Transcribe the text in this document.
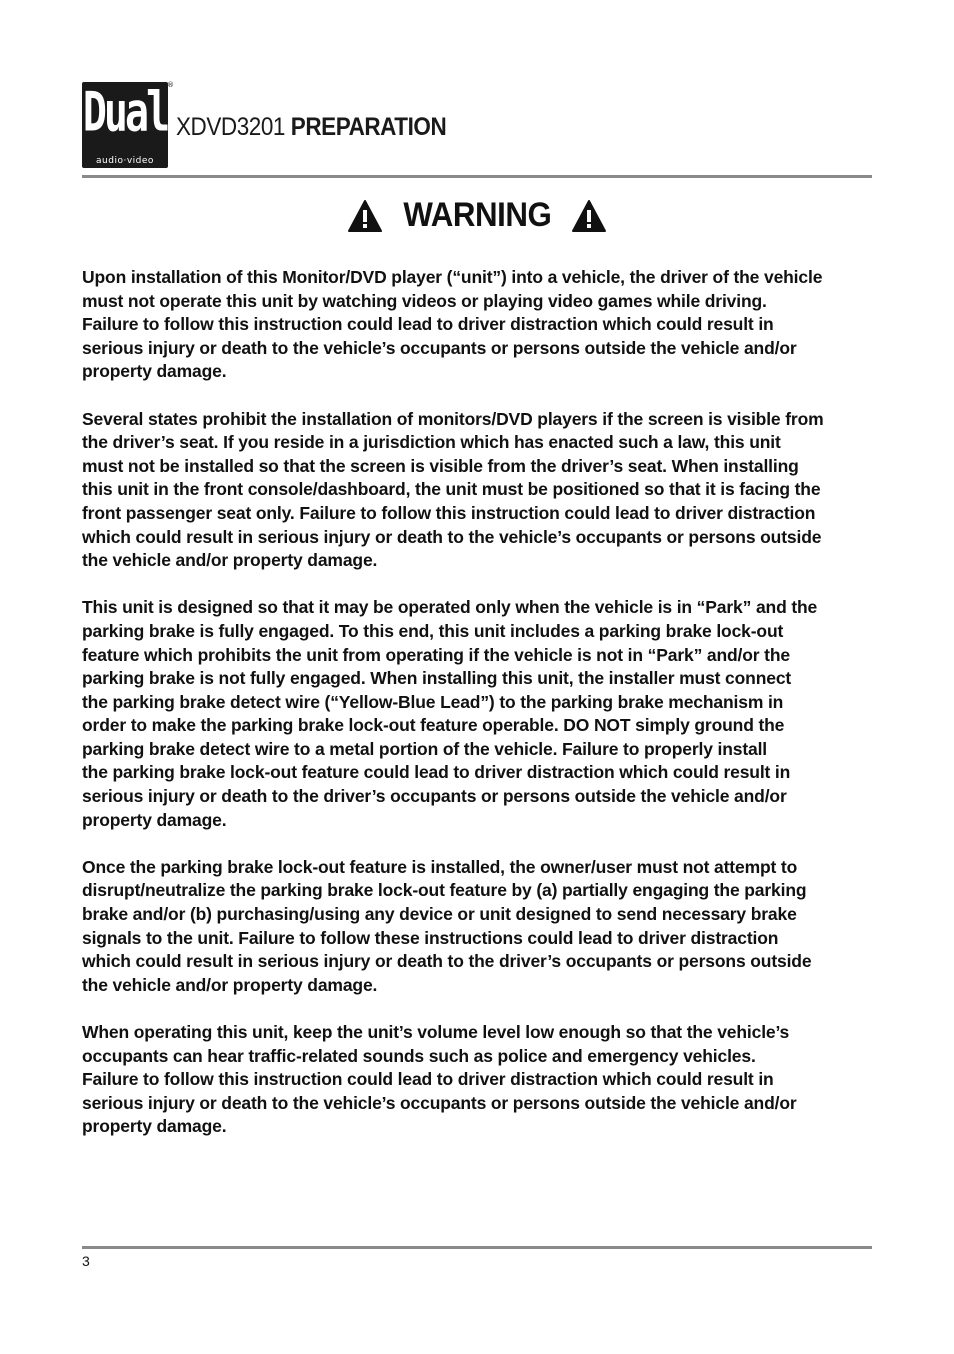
Dual
audio·video
®
XDVD3201 PREPARATION
WARNING
Upon installation of this Monitor/DVD player (“unit”) into a vehicle, the driver of the vehicle
must not operate this unit by watching videos or playing video games while driving.
Failure to follow this instruction could lead to driver distraction which could result in
serious injury or death to the vehicle’s occupants or persons outside the vehicle and/or
property damage.
Several states prohibit the installation of monitors/DVD players if the screen is visible from
the driver’s seat. If you reside in a jurisdiction which has enacted such a law, this unit
must not be installed so that the screen is visible from the driver’s seat. When installing
this unit in the front console/dashboard, the unit must be positioned so that it is facing the
front passenger seat only. Failure to follow this instruction could lead to driver distraction
which could result in serious injury or death to the vehicle’s occupants or persons outside
the vehicle and/or property damage.
This unit is designed so that it may be operated only when the vehicle is in “Park” and the
parking brake is fully engaged. To this end, this unit includes a parking brake lock-out
feature which prohibits the unit from operating if the vehicle is not in “Park” and/or the
parking brake is not fully engaged. When installing this unit, the installer must connect
the parking brake detect wire (“Yellow-Blue Lead”) to the parking brake mechanism in
order to make the parking brake lock-out feature operable. DO NOT simply ground the
parking brake detect wire to a metal portion of the vehicle. Failure to properly install
the parking brake lock-out feature could lead to driver distraction which could result in
serious injury or death to the driver’s occupants or persons outside the vehicle and/or
property damage.
Once the parking brake lock-out feature is installed, the owner/user must not attempt to
disrupt/neutralize the parking brake lock-out feature by (a) partially engaging the parking
brake and/or (b) purchasing/using any device or unit designed to send necessary brake
signals to the unit. Failure to follow these instructions could lead to driver distraction
which could result in serious injury or death to the driver’s occupants or persons outside
the vehicle and/or property damage.
When operating this unit, keep the unit’s volume level low enough so that the vehicle’s
occupants can hear traffic-related sounds such as police and emergency vehicles.
Failure to follow this instruction could lead to driver distraction which could result in
serious injury or death to the vehicle’s occupants or persons outside the vehicle and/or
property damage.
3
